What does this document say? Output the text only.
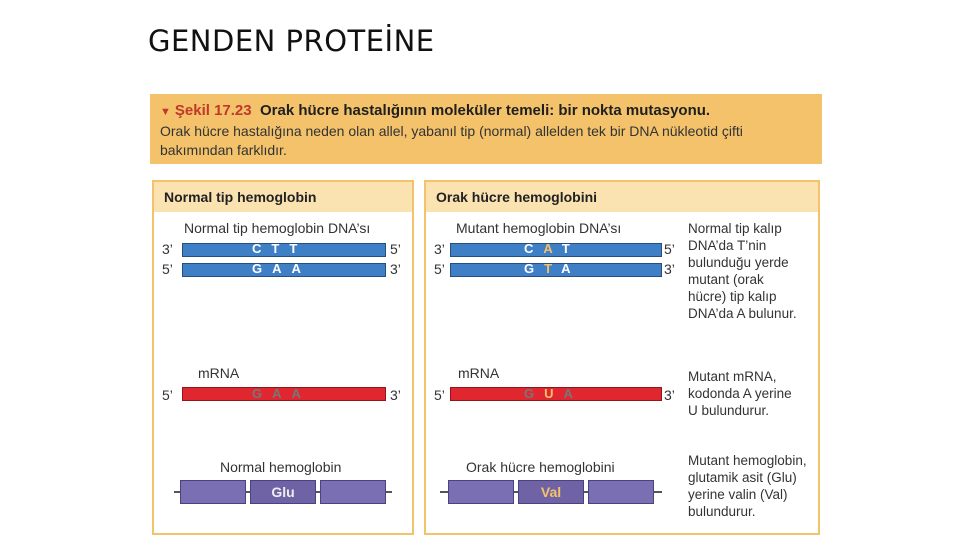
GENDEN PROTEİNE
▼ Şekil 17.23 Orak hücre hastalığının moleküler temeli: bir nokta mutasyonu.
Orak hücre hastalığına neden olan allel, yabanıl tip (normal) allelden tek bir DNA nükleotid çifti
bakımından farklıdır.
Normal tip hemoglobin
Normal tip hemoglobin DNA’sı
3’	CTT	5’
5’	GAA	3’
mRNA
5’	GAA	3’
Normal hemoglobin
Glu
Orak hücre hemoglobini
Mutant hemoglobin DNA’sı
3’	CAT	5’
5’	GTA	3’
Normal tip kalıp
DNA’da T’nin
bulunduğu yerde
mutant (orak
hücre) tip kalıp
DNA’da A bulunur.
mRNA
5’	GUA	3’
Mutant mRNA,
kodonda A yerine
U bulundurur.
Orak hücre hemoglobini
Val
Mutant hemoglobin,
glutamik asit (Glu)
yerine valin (Val)
bulundurur.
